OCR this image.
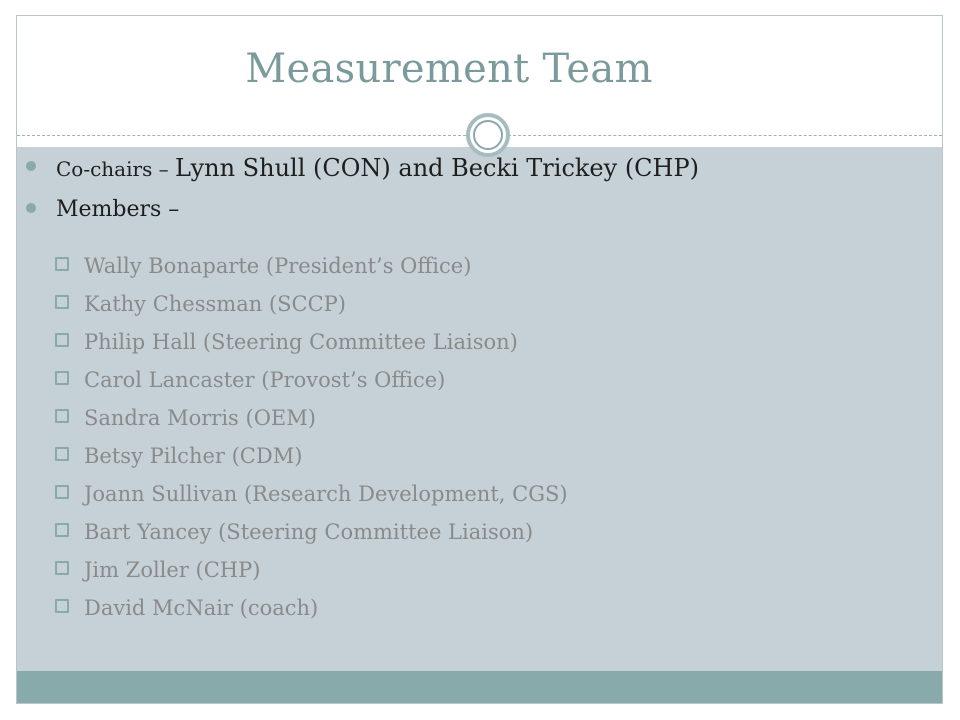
Measurement Team
Co-chairs – Lynn Shull (CON) and Becki Trickey (CHP)
Members –
Wally Bonaparte (President’s Office)
Kathy Chessman (SCCP)
Philip Hall (Steering Committee Liaison)
Carol Lancaster (Provost’s Office)
Sandra Morris (OEM)
Betsy Pilcher (CDM)
Joann Sullivan (Research Development, CGS)
Bart Yancey (Steering Committee Liaison)
Jim Zoller (CHP)
David McNair (coach)
